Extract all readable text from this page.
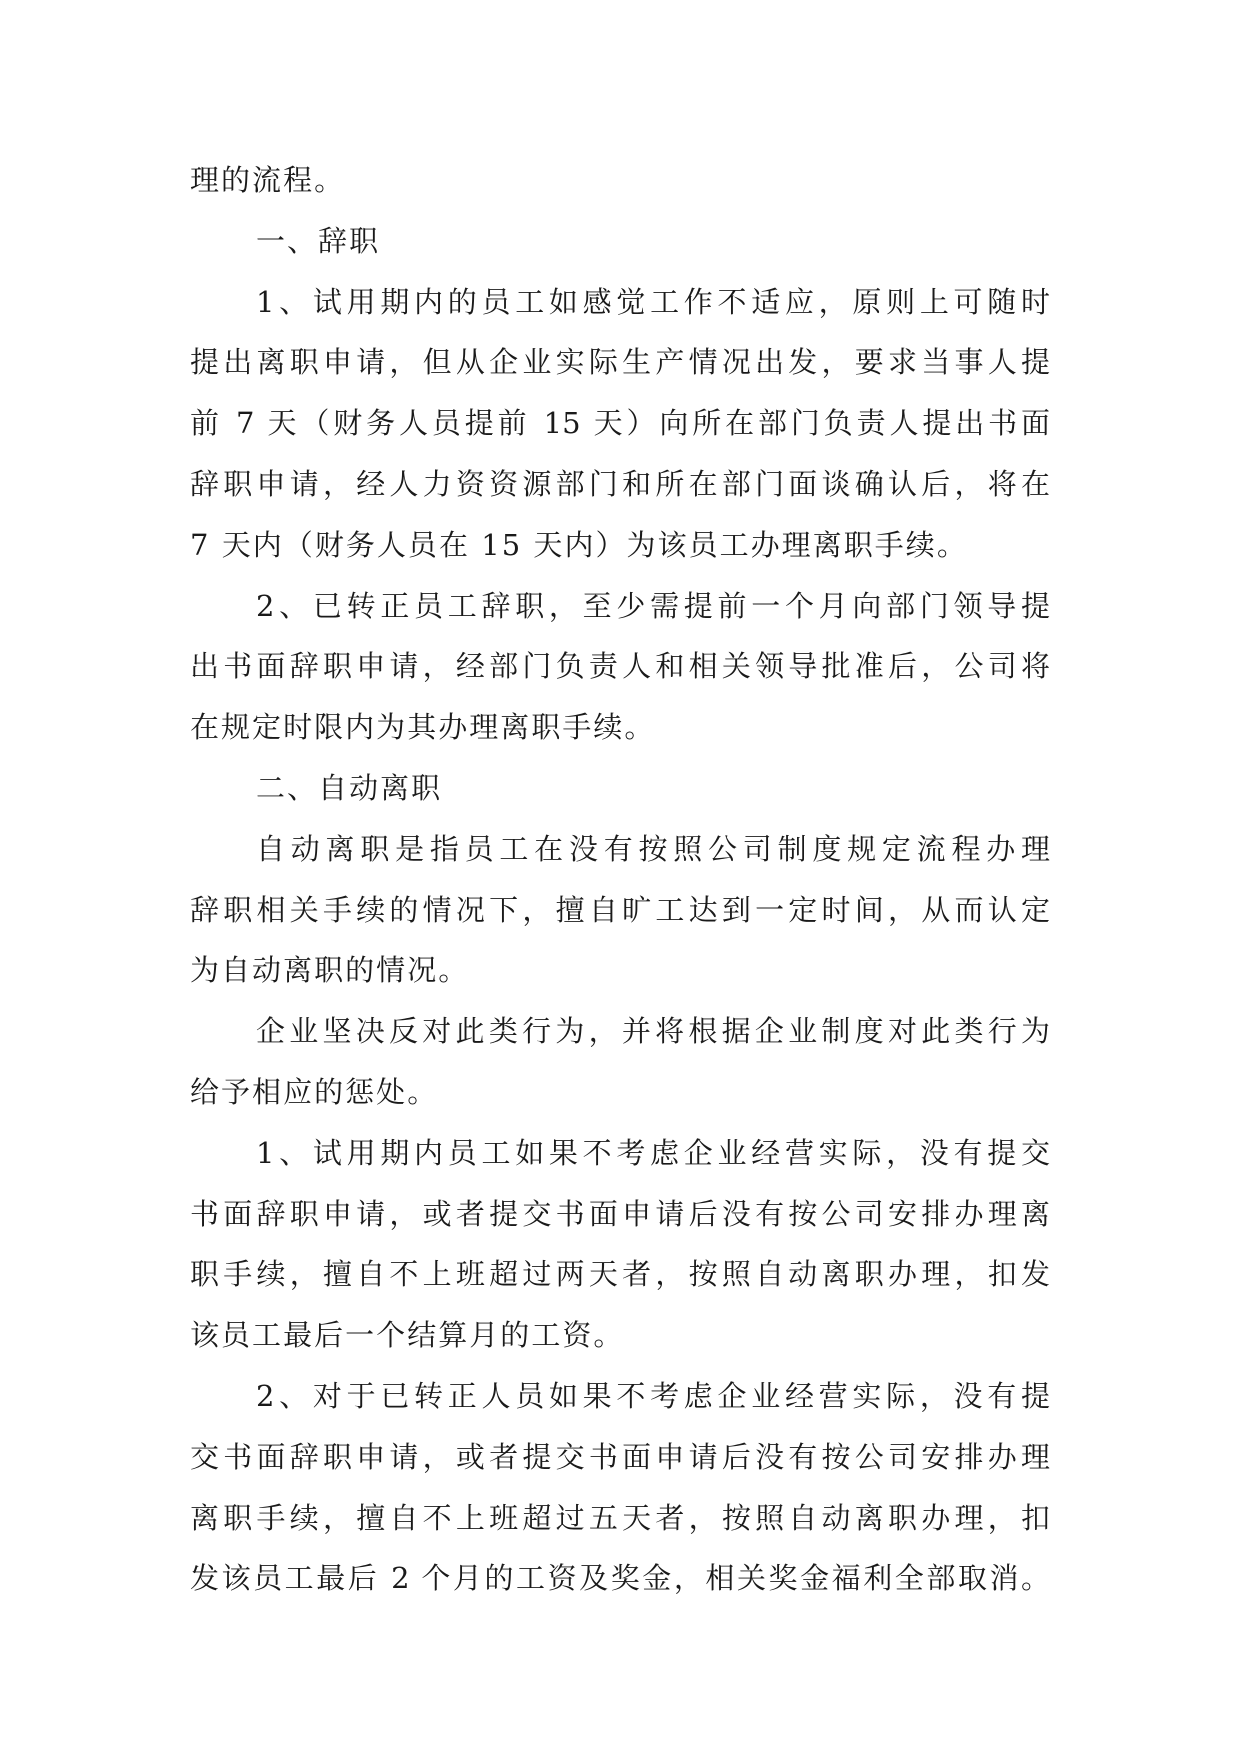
理的流程。
一、辞职
1、试用期内的员工如感觉工作不适应，原则上可随时
提出离职申请，但从企业实际生产情况出发，要求当事人提
前 7 天（财务人员提前 15 天）向所在部门负责人提出书面
辞职申请，经人力资资源部门和所在部门面谈确认后，将在
7 天内（财务人员在 15 天内）为该员工办理离职手续。
2、已转正员工辞职，至少需提前一个月向部门领导提
出书面辞职申请，经部门负责人和相关领导批准后，公司将
在规定时限内为其办理离职手续。
二、自动离职
自动离职是指员工在没有按照公司制度规定流程办理
辞职相关手续的情况下，擅自旷工达到一定时间，从而认定
为自动离职的情况。
企业坚决反对此类行为，并将根据企业制度对此类行为
给予相应的惩处。
1、试用期内员工如果不考虑企业经营实际，没有提交
书面辞职申请，或者提交书面申请后没有按公司安排办理离
职手续，擅自不上班超过两天者，按照自动离职办理，扣发
该员工最后一个结算月的工资。
2、对于已转正人员如果不考虑企业经营实际，没有提
交书面辞职申请，或者提交书面申请后没有按公司安排办理
离职手续，擅自不上班超过五天者，按照自动离职办理，扣
发该员工最后 2 个月的工资及奖金，相关奖金福利全部取消。
